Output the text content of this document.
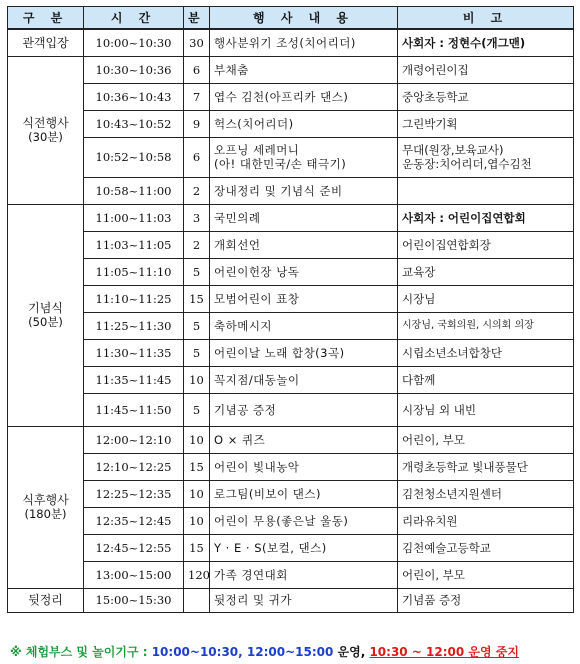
구 분	시 간	분	행 사 내 용	비 고
관객입장	10:00~10:30	30	행사분위기 조성(치어리더)	사회자 : 정현수(개그맨)
식전행사
(30분)	10:30~10:36	6	부채춤	개령어린이집
	10:36~10:43	7	엽수 김천(아프리카 댄스)	중앙초등학교
	10:43~10:52	9	헉스(치어리더)	그린박기획
	10:52~10:58	6	오프닝 세레머니
(아! 대한민국/손 태극기)	무대(원장,보육교사)
운동장:치어리더,엽수김천
	10:58~11:00	2	장내정리 및 기념식 준비	
기념식
(50분)	11:00~11:03	3	국민의례	사회자 : 어린이집연합회
	11:03~11:05	2	개회선언	어린이집연합회장
	11:05~11:10	5	어린이헌장 낭독	교육장
	11:10~11:25	15	모범어린이 표창	시장님
	11:25~11:30	5	축하메시지	시장님, 국회의원, 시의회 의장
	11:30~11:35	5	어린이날 노래 합창(3곡)	시립소년소녀합창단
	11:35~11:45	10	꼭지점/대동놀이	다함께
	11:45~11:50	5	기념공 증정	시장님 외 내빈
식후행사
(180분)	12:00~12:10	10	O × 퀴즈	어린이, 부모
	12:10~12:25	15	어린이 빛내농악	개령초등학교 빛내풍물단
	12:25~12:35	10	로그팀(비보이 댄스)	김천청소년지원센터
	12:35~12:45	10	어린이 무용(좋은날 울동)	리라유치원
	12:45~12:55	15	Y · E · S(보컬, 댄스)	김천예술고등학교
	13:00~15:00	120	가족 경연대회	어린이, 부모
뒷정리	15:00~15:30		뒷정리 및 귀가	기념품 증정
※ 체험부스 및 놀이기구 : 10:00~10:30, 12:00~15:00 운영, 10:30 ~ 12:00 운영 중지
